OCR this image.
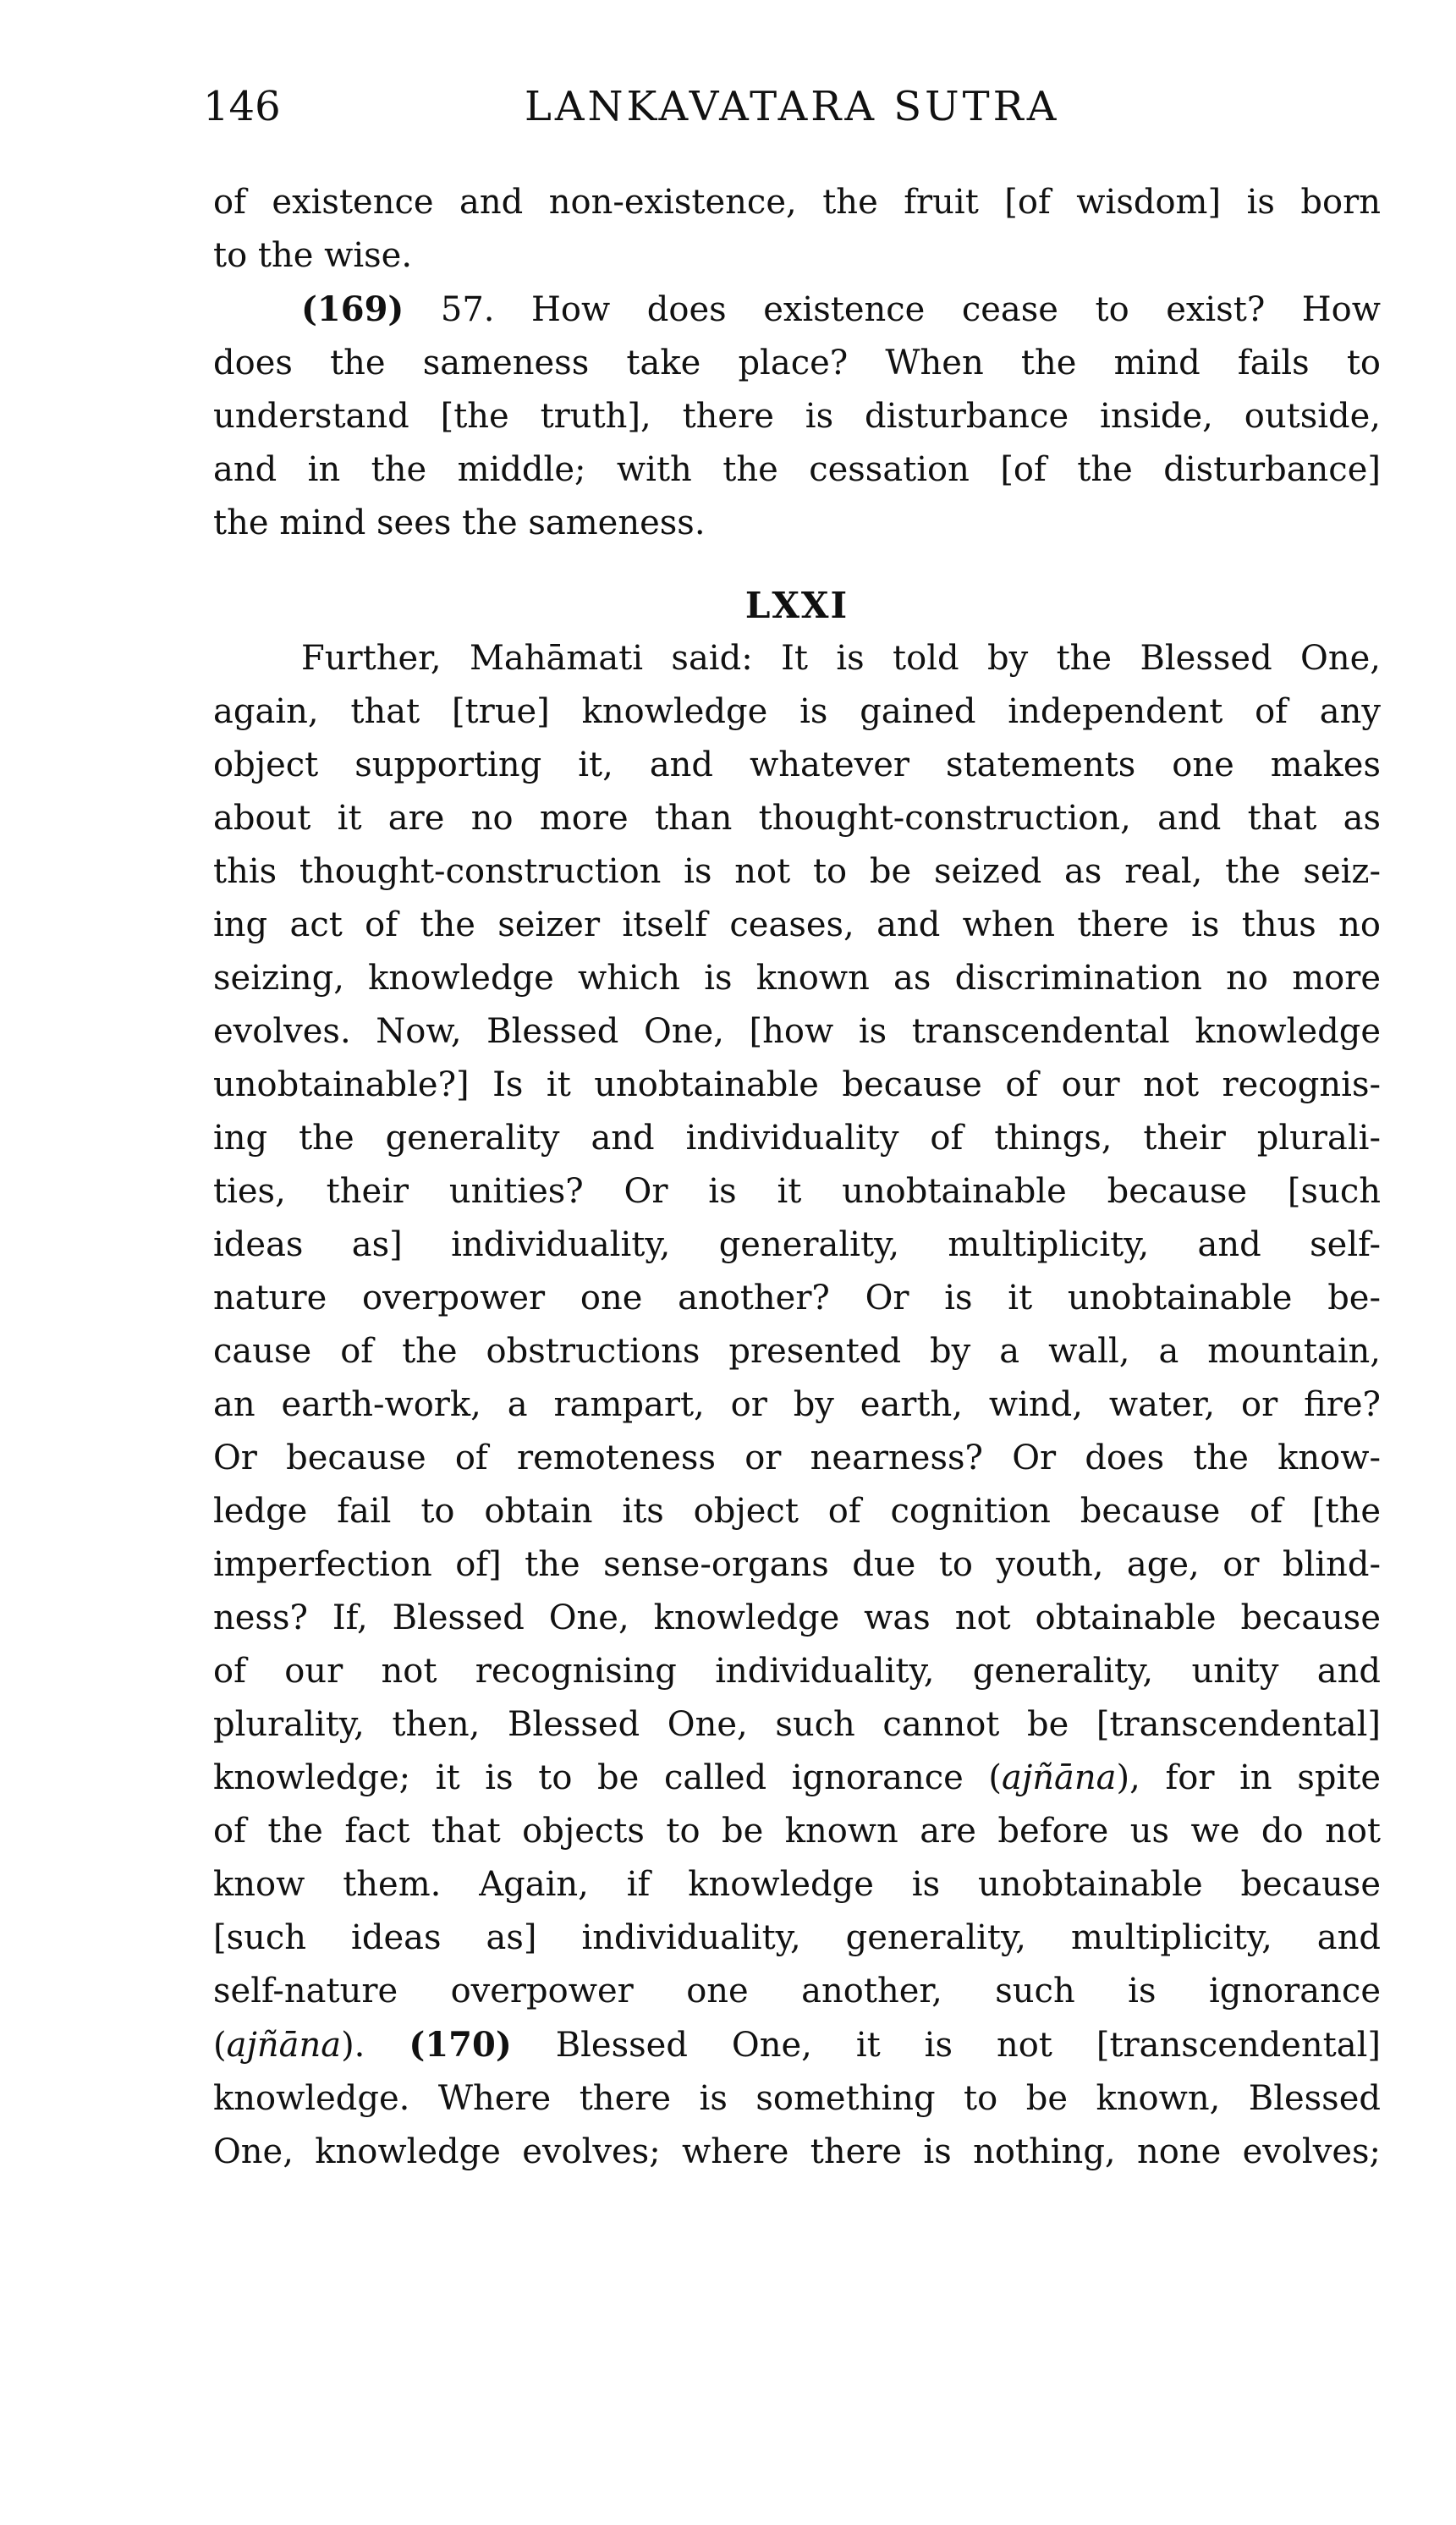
146	LANKAVATARA SUTRA
of existence and non-existence, the fruit [of wisdom] is born
to the wise.
(169) 57. How does existence cease to exist? How
does the sameness take place? When the mind fails to
understand [the truth], there is disturbance inside, outside,
and in the middle; with the cessation [of the disturbance]
the mind sees the sameness.
LXXI
Further, Mahāmati said: It is told by the Blessed One,
again, that [true] knowledge is gained independent of any
object supporting it, and whatever statements one makes
about it are no more than thought-construction, and that as
this thought-construction is not to be seized as real, the seiz-
ing act of the seizer itself ceases, and when there is thus no
seizing, knowledge which is known as discrimination no more
evolves. Now, Blessed One, [how is transcendental knowledge
unobtainable?] Is it unobtainable because of our not recognis-
ing the generality and individuality of things, their plurali-
ties, their unities? Or is it unobtainable because [such
ideas as] individuality, generality, multiplicity, and self-
nature overpower one another? Or is it unobtainable be-
cause of the obstructions presented by a wall, a mountain,
an earth-work, a rampart, or by earth, wind, water, or fire?
Or because of remoteness or nearness? Or does the know-
ledge fail to obtain its object of cognition because of [the
imperfection of] the sense-organs due to youth, age, or blind-
ness? If, Blessed One, knowledge was not obtainable because
of our not recognising individuality, generality, unity and
plurality, then, Blessed One, such cannot be [transcendental]
knowledge; it is to be called ignorance (ajñāna), for in spite
of the fact that objects to be known are before us we do not
know them. Again, if knowledge is unobtainable because
[such ideas as] individuality, generality, multiplicity, and
self-nature overpower one another, such is ignorance
(ajñāna). (170) Blessed One, it is not [transcendental]
knowledge. Where there is something to be known, Blessed
One, knowledge evolves; where there is nothing, none evolves;
